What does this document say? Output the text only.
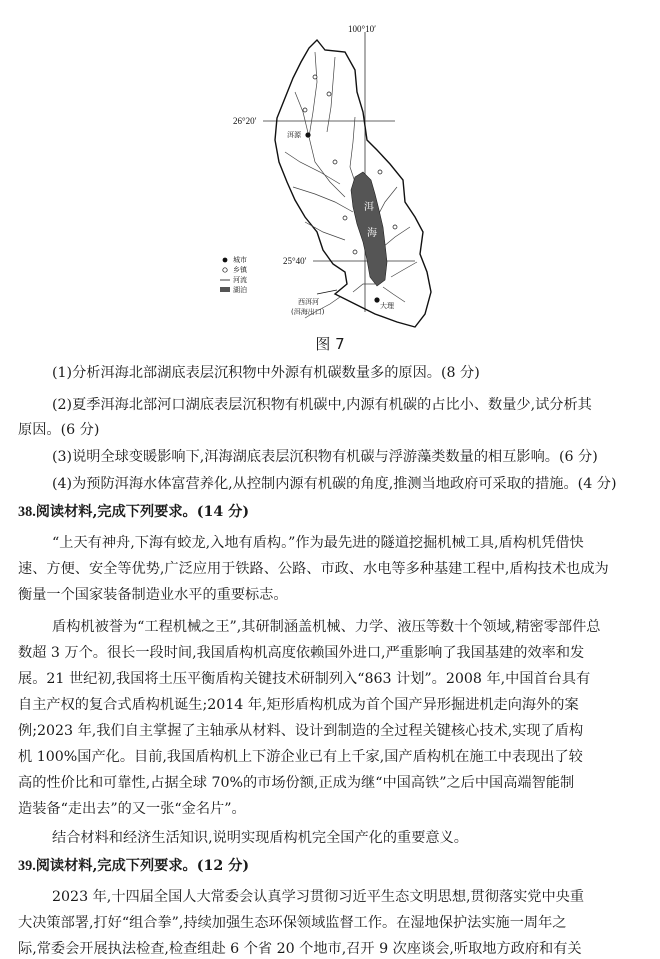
100°10′
26°20′
25°40′
洱
海
洱源
大理
西洱河
(洱海出口)
城市
乡镇
河流
湖泊
图 7
(1)分析洱海北部湖底表层沉积物中外源有机碳数量多的原因。(8 分)
(2)夏季洱海北部河口湖底表层沉积物有机碳中,内源有机碳的占比小、数量少,试分析其
原因。(6 分)
(3)说明全球变暖影响下,洱海湖底表层沉积物有机碳与浮游藻类数量的相互影响。(6 分)
(4)为预防洱海水体富营养化,从控制内源有机碳的角度,推测当地政府可采取的措施。(4 分)
38.阅读材料,完成下列要求。(14 分)
“上天有神舟,下海有蛟龙,入地有盾构。”作为最先进的隧道挖掘机械工具,盾构机凭借快
速、方便、安全等优势,广泛应用于铁路、公路、市政、水电等多种基建工程中,盾构技术也成为
衡量一个国家装备制造业水平的重要标志。
盾构机被誉为“工程机械之王”,其研制涵盖机械、力学、液压等数十个领域,精密零部件总
数超 3 万个。很长一段时间,我国盾构机高度依赖国外进口,严重影响了我国基建的效率和发
展。21 世纪初,我国将土压平衡盾构关键技术研制列入“863 计划”。2008 年,中国首台具有
自主产权的复合式盾构机诞生;2014 年,矩形盾构机成为首个国产异形掘进机走向海外的案
例;2023 年,我们自主掌握了主轴承从材料、设计到制造的全过程关键核心技术,实现了盾构
机 100%国产化。目前,我国盾构机上下游企业已有上千家,国产盾构机在施工中表现出了较
高的性价比和可靠性,占据全球 70%的市场份额,正成为继“中国高铁”之后中国高端智能制
造装备“走出去”的又一张“金名片”。
结合材料和经济生活知识,说明实现盾构机完全国产化的重要意义。
39.阅读材料,完成下列要求。(12 分)
2023 年,十四届全国人大常委会认真学习贯彻习近平生态文明思想,贯彻落实党中央重
大决策部署,打好“组合拳”,持续加强生态环保领域监督工作。在湿地保护法实施一周年之
际,常委会开展执法检查,检查组赴 6 个省 20 个地市,召开 9 次座谈会,听取地方政府和有关
